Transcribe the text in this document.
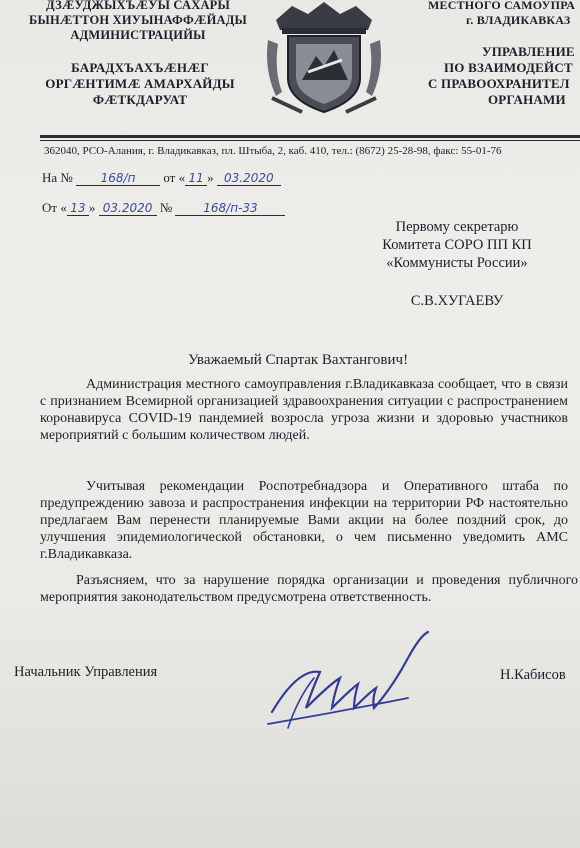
ДЗÆУДЖЫХЪÆУЫ САХАРЫ
БЫНÆТТОН ХИУЫНАФФÆЙАДЫ
АДМИНИСТРАЦИЙЫ
БАРАДХЪАХЪÆНÆГ
ОРГÆНТИМÆ АМАРХАЙДЫ
ФÆТКДАРУАТ
МЕСТНОГО САМОУПРА
г. ВЛАДИКАВКАЗ
УПРАВЛЕНИЕ
ПО ВЗАИМОДЕЙСТ
С ПРАВООХРАНИТЕЛ
ОРГАНАМИ
362040, РСО-Алания, г. Владикавказ, пл. Штыба, 2, каб. 410, тел.: (8672) 25-28-98, факс: 55-01-76
На № 168/п от « 11 » 03.2020
От « 13 » 03.2020 №	168/п-33
Первому секретарю
Комитета СОРО ПП КП
«Коммунисты России»
С.В.ХУГАЕВУ
Уважаемый Спартак Вахтангович!
Администрация местного самоуправления г.Владикавказа сообщает, что в связи с признанием Всемирной организацией здравоохранения ситуации с распространением коронавируса COVID-19 пандемией возросла угроза жизни и здоровью участников мероприятий с большим количеством людей.
Учитывая рекомендации Роспотребнадзора и Оперативного штаба по предупреждению завоза и распространения инфекции на территории РФ настоятельно предлагаем Вам перенести планируемые Вами акции на более поздний срок, до улучшения эпидемиологической обстановки, о чем письменно уведомить АМС г.Владикавказа.
Разъясняем, что за нарушение порядка организации и проведения публичного мероприятия законодательством предусмотрена ответственность.
Начальник Управления	Н.Кабисов
